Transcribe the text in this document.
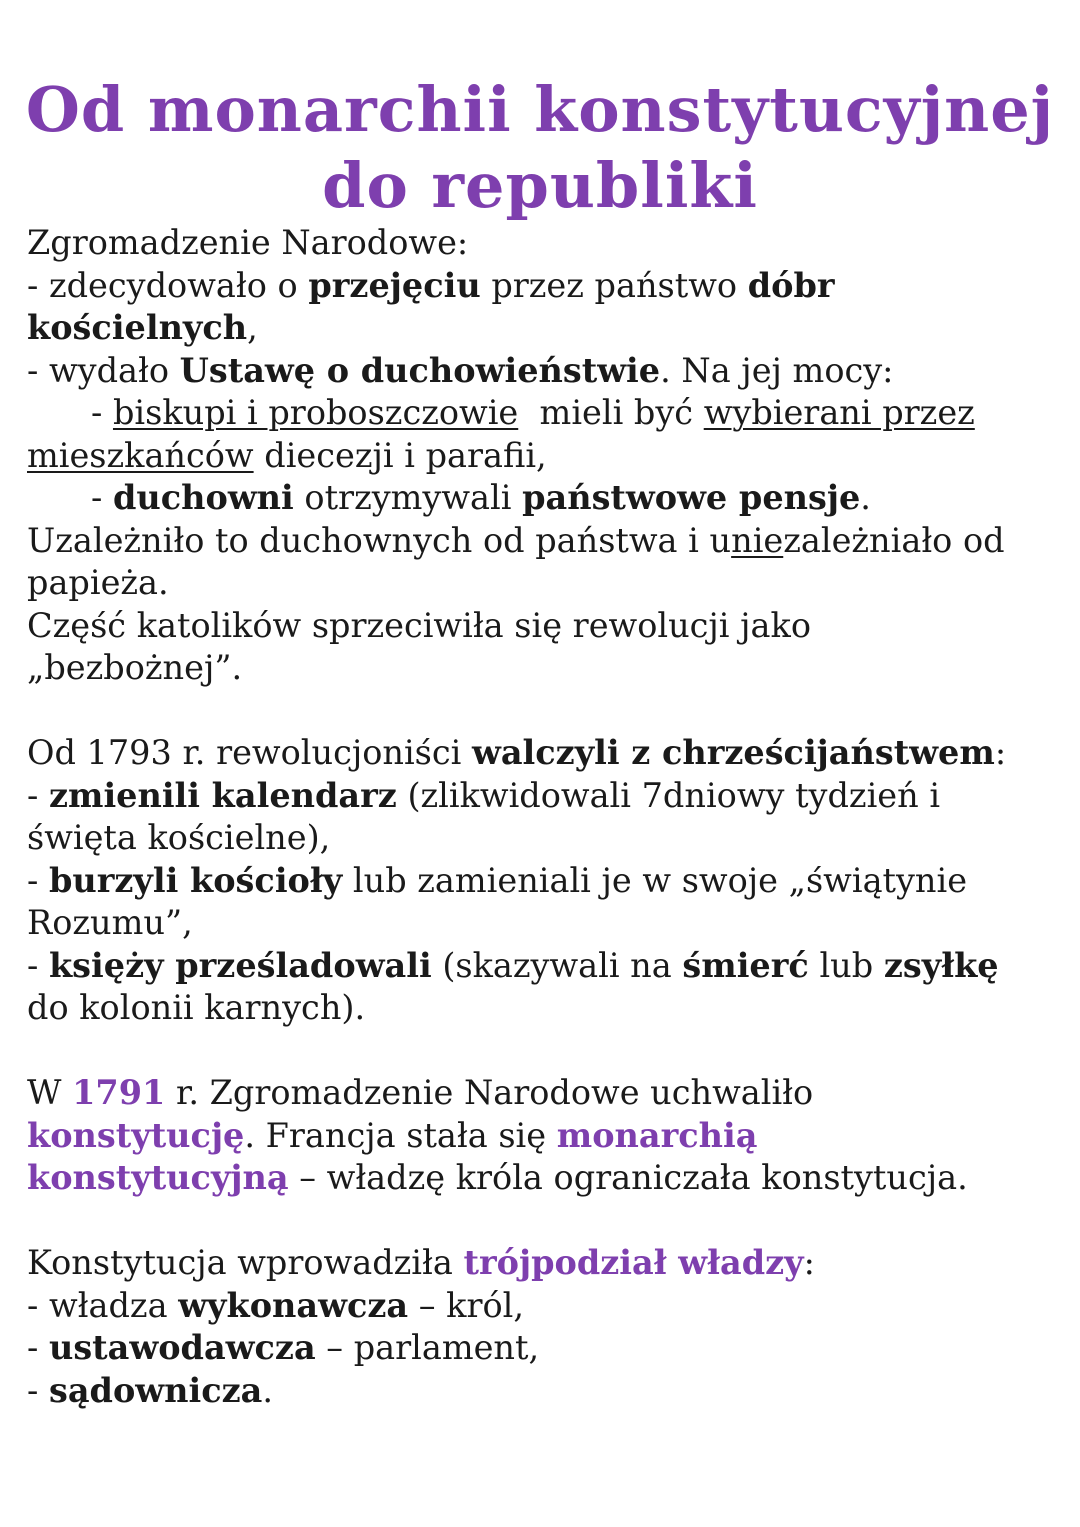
Od monarchii konstytucyjnej
do republiki
Zgromadzenie Narodowe:
- zdecydowało o przejęciu przez państwo dóbr
kościelnych,
- wydało Ustawę o duchowieństwie. Na jej mocy:
- biskupi i proboszczowie  mieli być wybierani przez
mieszkańców diecezji i parafii,
- duchowni otrzymywali państwowe pensje.
Uzależniło to duchownych od państwa i uniezależniało od
papieża.
Część katolików sprzeciwiła się rewolucji jako
„bezbożnej”.
Od 1793 r. rewolucjoniści walczyli z chrześcijaństwem:
- zmienili kalendarz (zlikwidowali 7dniowy tydzień i
święta kościelne),
- burzyli kościoły lub zamieniali je w swoje „świątynie
Rozumu”,
- księży prześladowali (skazywali na śmierć lub zsyłkę
do kolonii karnych).
W 1791 r. Zgromadzenie Narodowe uchwaliło
konstytucję. Francja stała się monarchią
konstytucyjną – władzę króla ograniczała konstytucja.
Konstytucja wprowadziła trójpodział władzy:
- władza wykonawcza – król,
- ustawodawcza – parlament,
- sądownicza.
